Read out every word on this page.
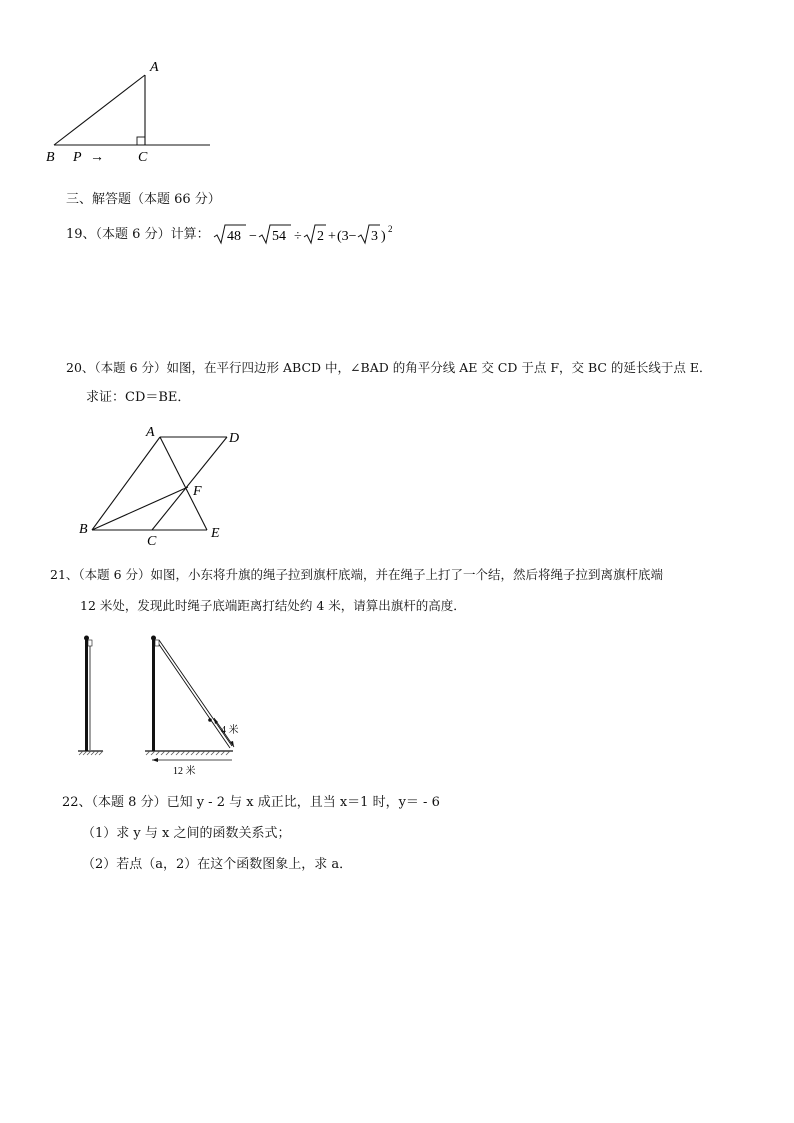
A
B	C
P →
三、解答题（本题 66 分）
19、（本题 6 分）计算： 48 − 54 ÷ 2 + (3− 3 ) 2
20、（本题 6 分）如图，在平行四边形 ABCD 中，∠BAD 的角平分线 AE 交 CD 于点 F，交 BC 的延长线于点 E．
求证：CD＝BE．
A	D
F
B
C
E
21、（本题 6 分）如图，小东将升旗的绳子拉到旗杆底端，并在绳子上打了一个结，然后将绳子拉到离旗杆底端
12 米处，发现此时绳子底端距离打结处约 4 米，请算出旗杆的高度．
4 米
12 米
22、（本题 8 分）已知 y - 2 与 x 成正比，且当 x＝1 时，y＝ - 6
（1）求 y 与 x 之间的函数关系式；
（2）若点（a，2）在这个函数图象上，求 a．
